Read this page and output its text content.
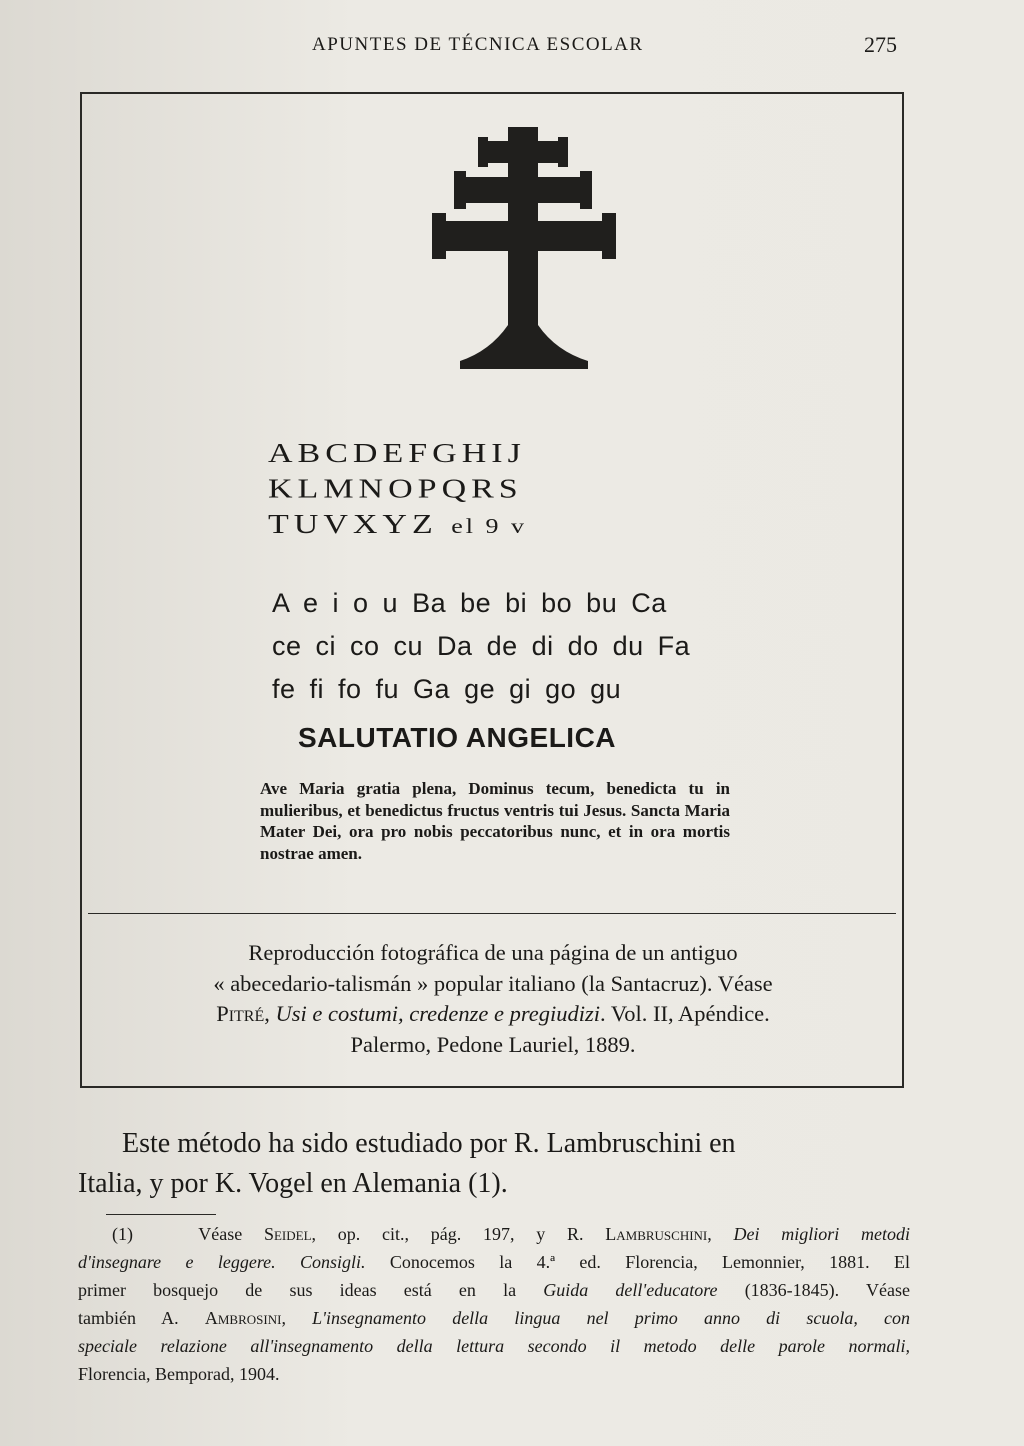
APUNTES DE TÉCNICA ESCOLAR	275
ABCDEFGHIJ
KLMNOPQRS
TUVXYZ el 9 v
A e i o u Ba be bi bo bu Ca
ce ci co cu Da de di do du Fa
fe fi fo fu Ga ge gi go gu
SALUTATIO ANGELICA
Ave Maria gratia plena, Dominus tecum, benedicta tu in mulieribus, et benedictus fructus ventris tui Jesus. Sancta Maria Mater Dei, ora pro nobis peccatoribus nunc, et in ora mortis nostrae amen.
Reproducción fotográfica de una página de un antiguo
« abecedario-talismán » popular italiano (la Santacruz). Véase
Pitré, Usi e costumi, credenze e pregiudizi. Vol. II, Apéndice.
Palermo, Pedone Lauriel, 1889.
Este método ha sido estudiado por R. Lambruschini en
Italia, y por K. Vogel en Alemania (1).
(1)	Véase Seidel, op. cit., pág. 197, y R. Lambruschini, Dei migliori metodi
d'insegnare e leggere. Consigli. Conocemos la 4.ª ed. Florencia, Lemonnier, 1881. El
primer bosquejo de sus ideas está en la Guida dell'educatore (1836-1845). Véase
también A. Ambrosini, L'insegnamento della lingua nel primo anno di scuola, con
speciale relazione all'insegnamento della lettura secondo il metodo delle parole normali,
Florencia, Bemporad, 1904.
